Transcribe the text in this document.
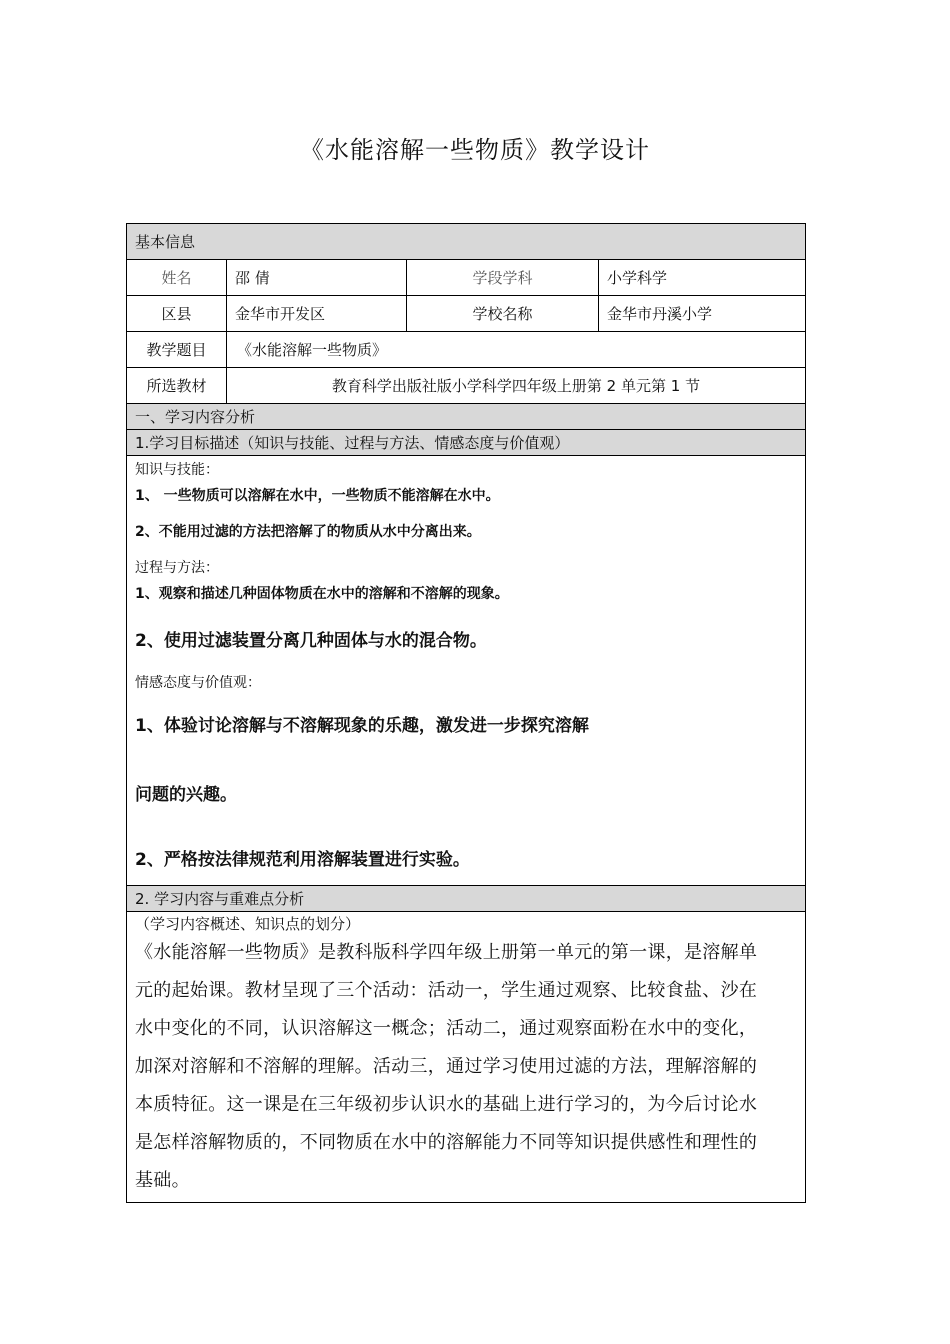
《水能溶解一些物质》教学设计
基本信息
姓名	邵 倩	学段学科	小学科学
区县	金华市开发区	学校名称	金华市丹溪小学
教学题目	《水能溶解一些物质》
所选教材	教育科学出版社版小学科学四年级上册第 2 单元第 1 节
一、学习内容分析
1.学习目标描述（知识与技能、过程与方法、情感态度与价值观）
知识与技能：
1、 一些物质可以溶解在水中，一些物质不能溶解在水中。
2、不能用过滤的方法把溶解了的物质从水中分离出来。
过程与方法：
1、观察和描述几种固体物质在水中的溶解和不溶解的现象。
2、使用过滤装置分离几种固体与水的混合物。
情感态度与价值观：
1、体验讨论溶解与不溶解现象的乐趣，激发进一步探究溶解
问题的兴趣。
2、严格按法律规范利用溶解装置进行实验。
2. 学习内容与重难点分析
（学习内容概述、知识点的划分）
《水能溶解一些物质》是教科版科学四年级上册第一单元的第一课，是溶解单
元的起始课。教材呈现了三个活动：活动一，学生通过观察、比较食盐、沙在
水中变化的不同，认识溶解这一概念；活动二，通过观察面粉在水中的变化，
加深对溶解和不溶解的理解。活动三，通过学习使用过滤的方法，理解溶解的
本质特征。这一课是在三年级初步认识水的基础上进行学习的，为今后讨论水
是怎样溶解物质的，不同物质在水中的溶解能力不同等知识提供感性和理性的
基础。
